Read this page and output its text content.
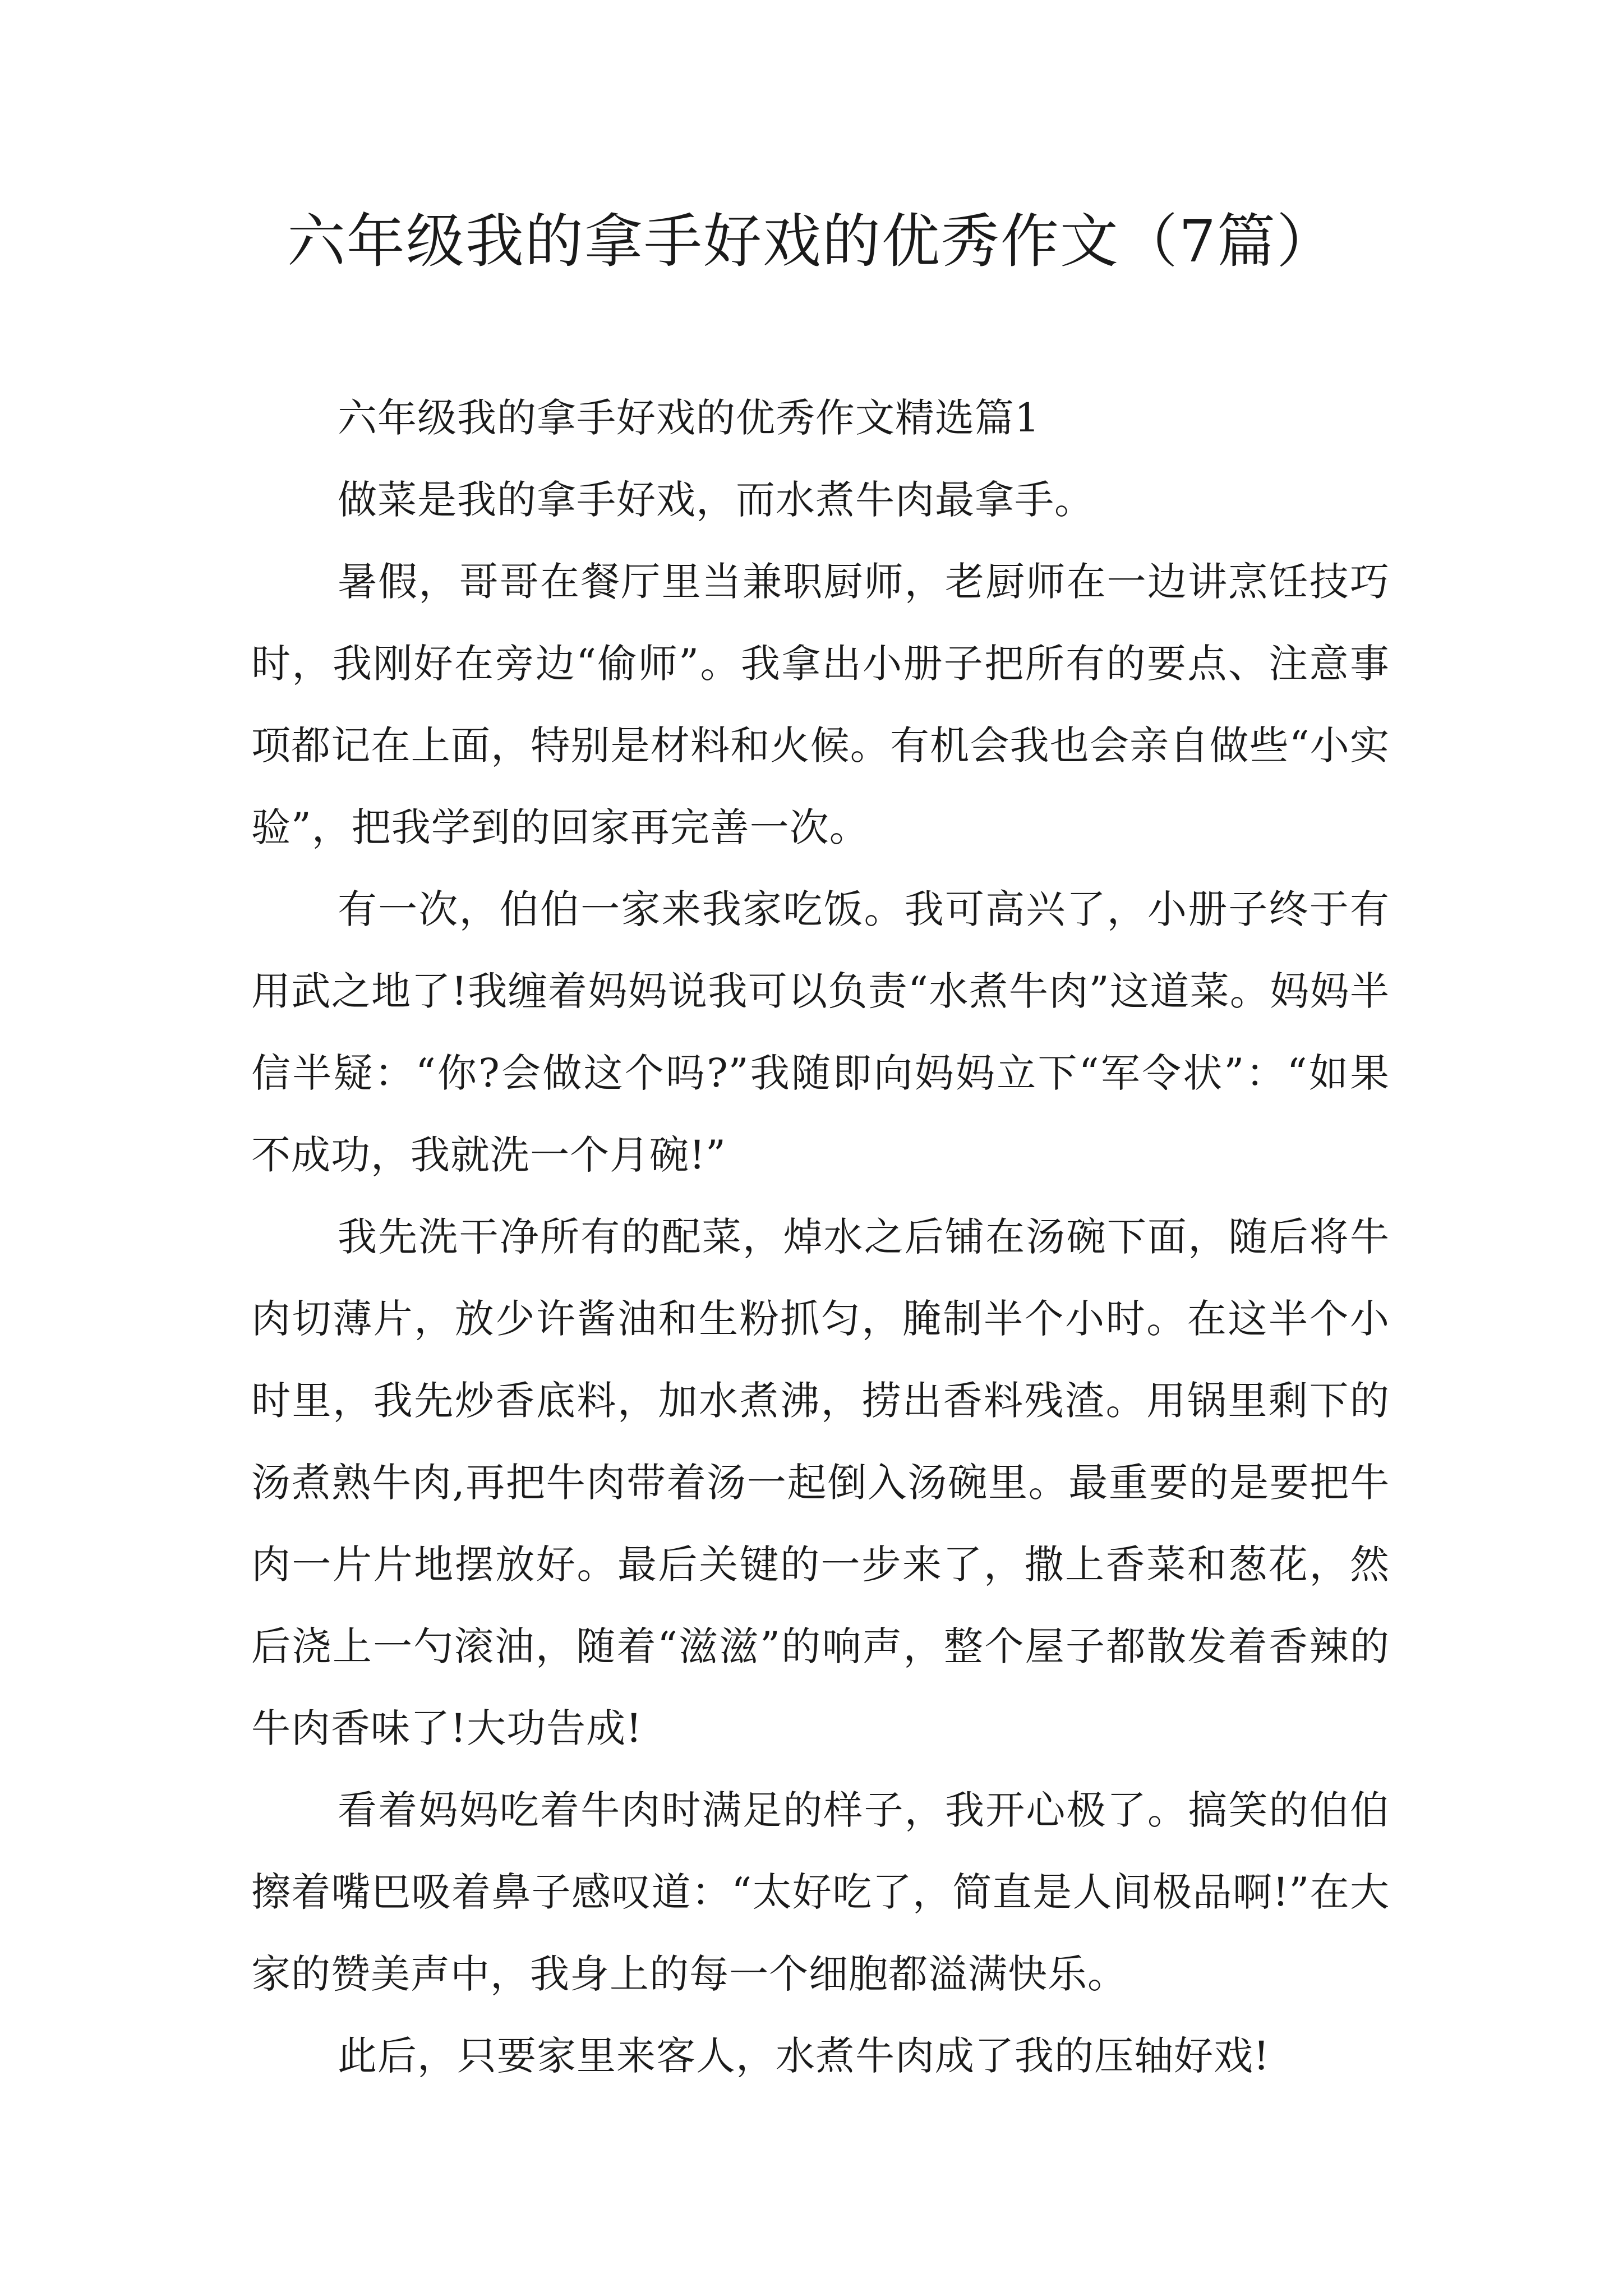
六年级我的拿手好戏的优秀作文（7篇）

六年级我的拿手好戏的优秀作文精选篇1

做菜是我的拿手好戏，而水煮牛肉最拿手。

暑假，哥哥在餐厅里当兼职厨师，老厨师在一边讲烹饪技巧时，我刚好在旁边“偷师”。我拿出小册子把所有的要点、注意事项都记在上面，特别是材料和火候。有机会我也会亲自做些“小实验”，把我学到的回家再完善一次。

有一次，伯伯一家来我家吃饭。我可高兴了，小册子终于有用武之地了!我缠着妈妈说我可以负责“水煮牛肉”这道菜。妈妈半信半疑：“你?会做这个吗?”我随即向妈妈立下“军令状”：“如果不成功，我就洗一个月碗!”

我先洗干净所有的配菜，焯水之后铺在汤碗下面，随后将牛肉切薄片，放少许酱油和生粉抓匀，腌制半个小时。在这半个小时里，我先炒香底料，加水煮沸，捞出香料残渣。用锅里剩下的汤煮熟牛肉,再把牛肉带着汤一起倒入汤碗里。最重要的是要把牛肉一片片地摆放好。最后关键的一步来了，撒上香菜和葱花，然后浇上一勺滚油，随着“滋滋”的响声，整个屋子都散发着香辣的牛肉香味了!大功告成!

看着妈妈吃着牛肉时满足的样子，我开心极了。搞笑的伯伯擦着嘴巴吸着鼻子感叹道：“太好吃了，简直是人间极品啊!”在大家的赞美声中，我身上的每一个细胞都溢满快乐。

此后，只要家里来客人，水煮牛肉成了我的压轴好戏!
